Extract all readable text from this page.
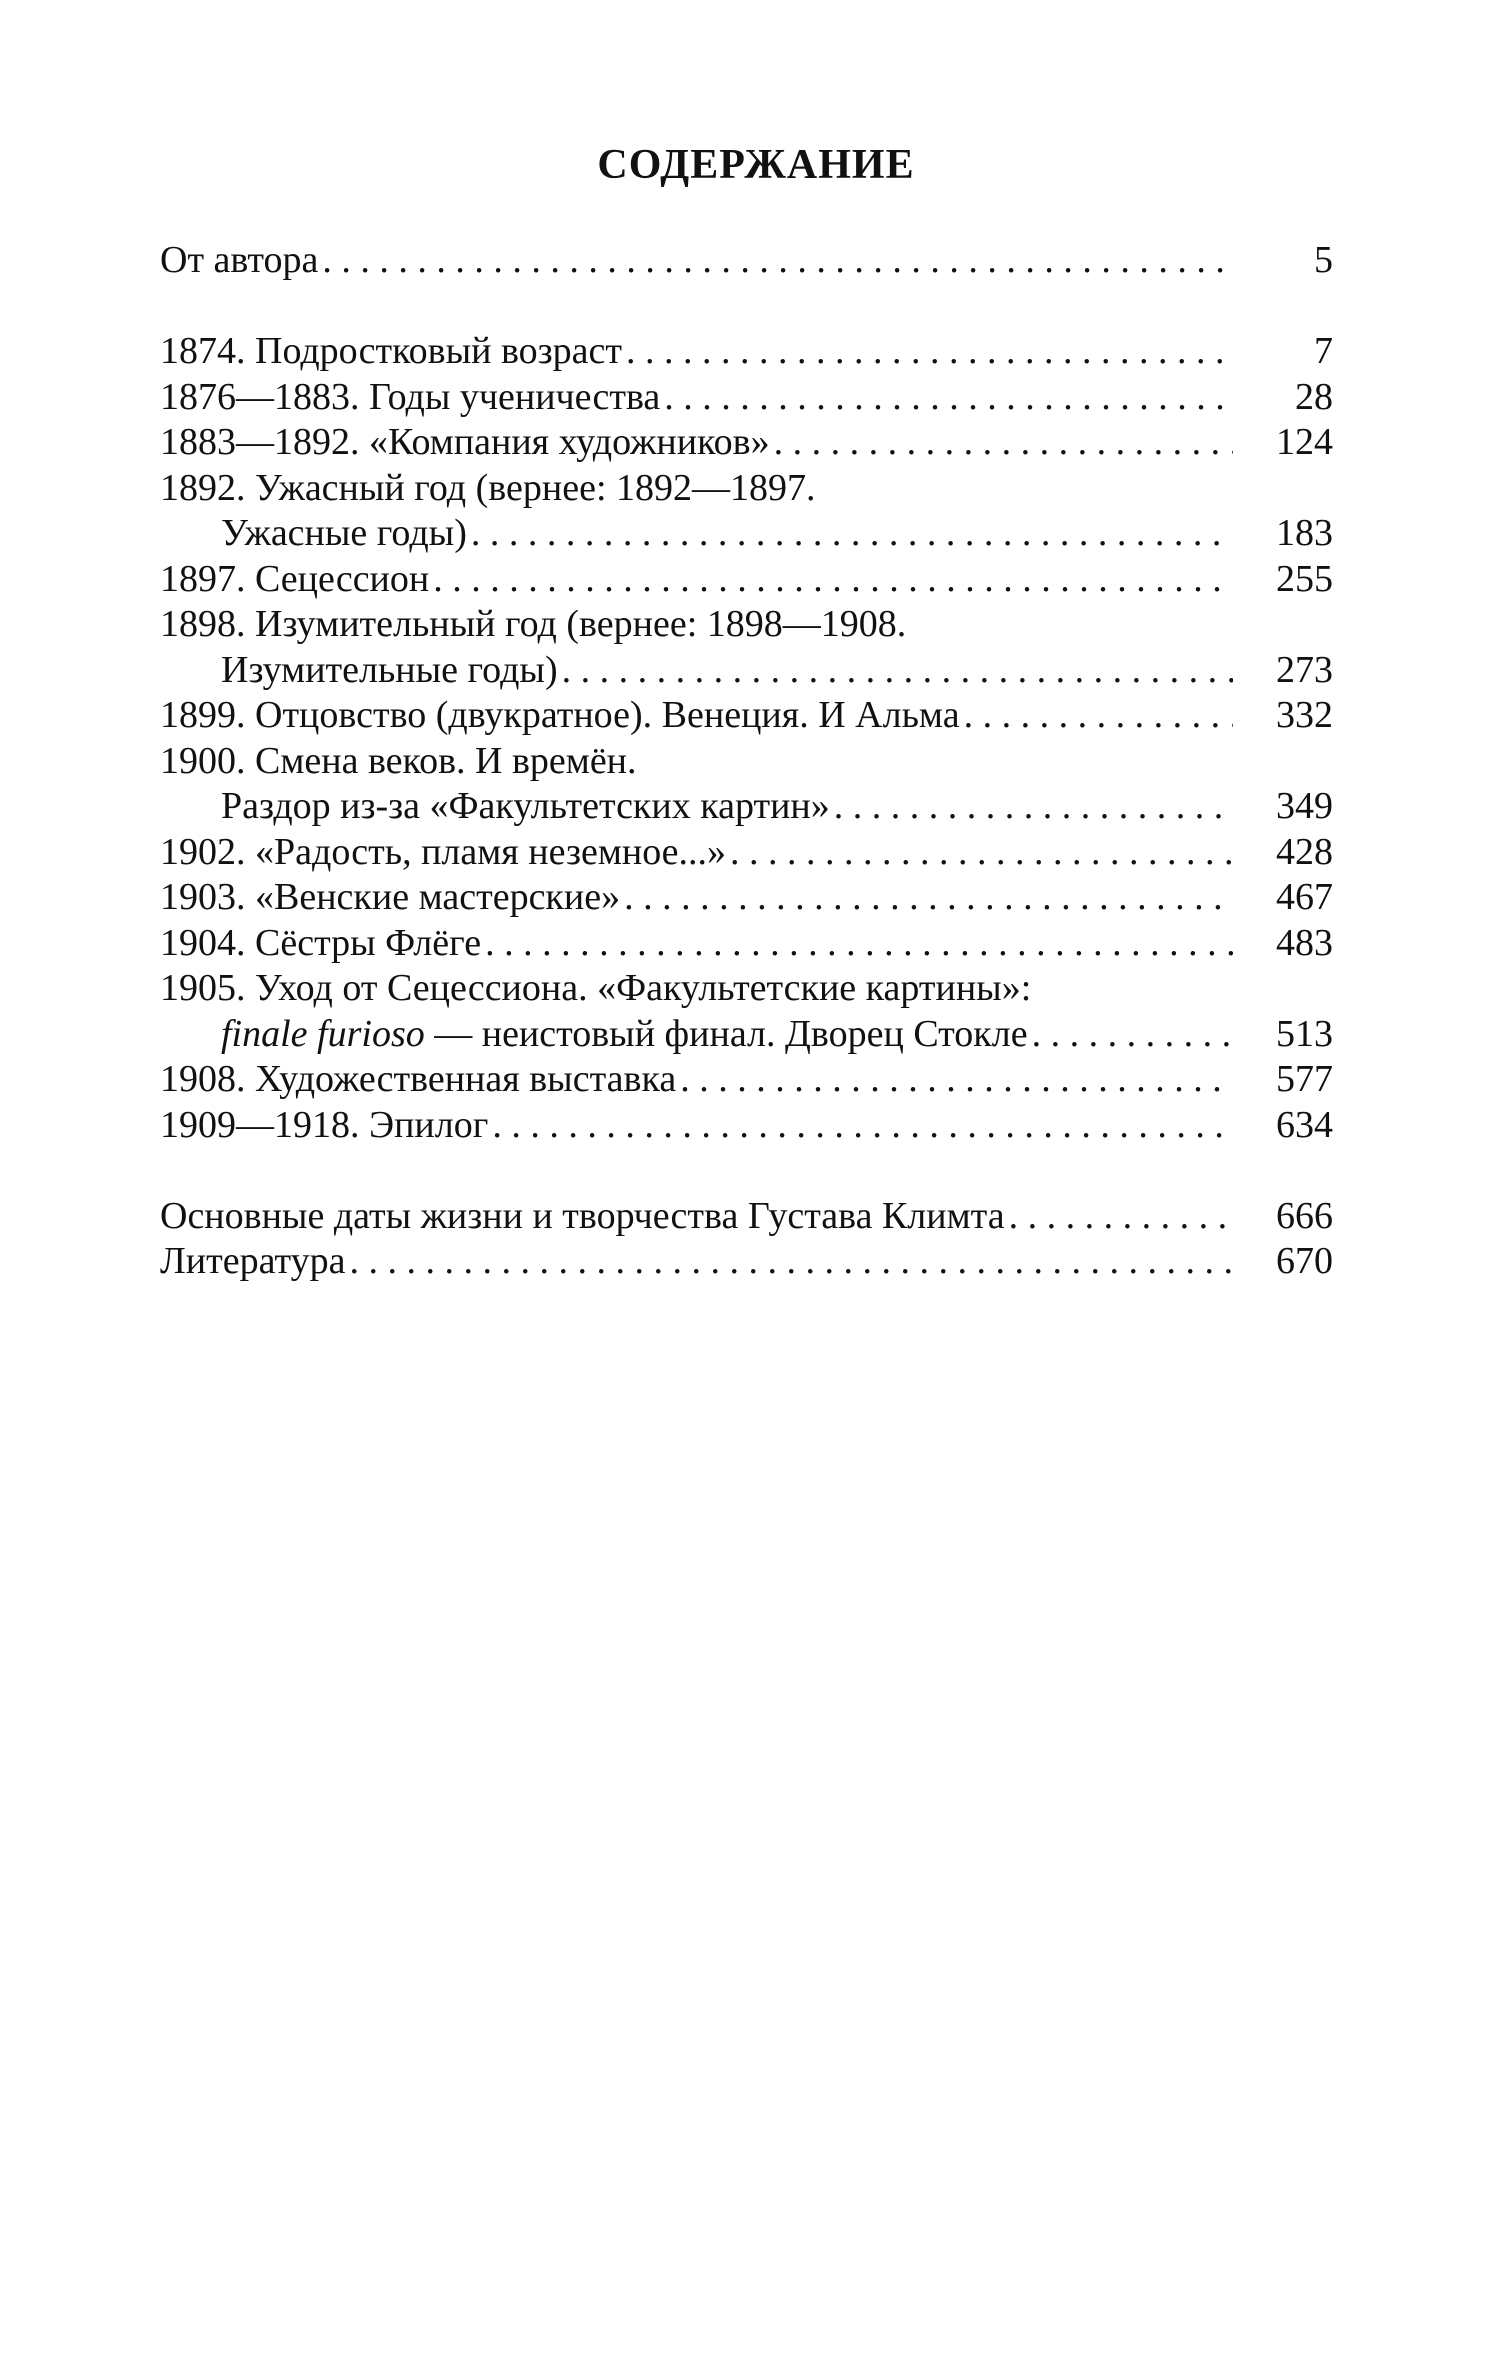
СОДЕРЖАНИЕ
От автора . . .	5
1874. Подростковый возраст . . .	7
1876—1883. Годы ученичества . . .	28
1883—1892. «Компания художников» . . .	124
1892. Ужасный год (вернее: 1892—1897.
Ужасные годы) . . .	183
1897. Сецессион . . .	255
1898. Изумительный год (вернее: 1898—1908.
Изумительные годы) . . .	273
1899. Отцовство (двукратное). Венеция. И Альма . . .	332
1900. Смена веков. И времён.
Раздор из-за «Факультетских картин» . . .	349
1902. «Радость, пламя неземное...» . . .	428
1903. «Венские мастерские» . . .	467
1904. Сёстры Флёге . . .	483
1905. Уход от Сецессиона. «Факультетские картины»:
finale furioso — неистовый финал. Дворец Стокле . . .	513
1908. Художественная выставка . . .	577
1909—1918. Эпилог . . .	634
Основные даты жизни и творчества Густава Климта . . .	666
Литература . . .	670
